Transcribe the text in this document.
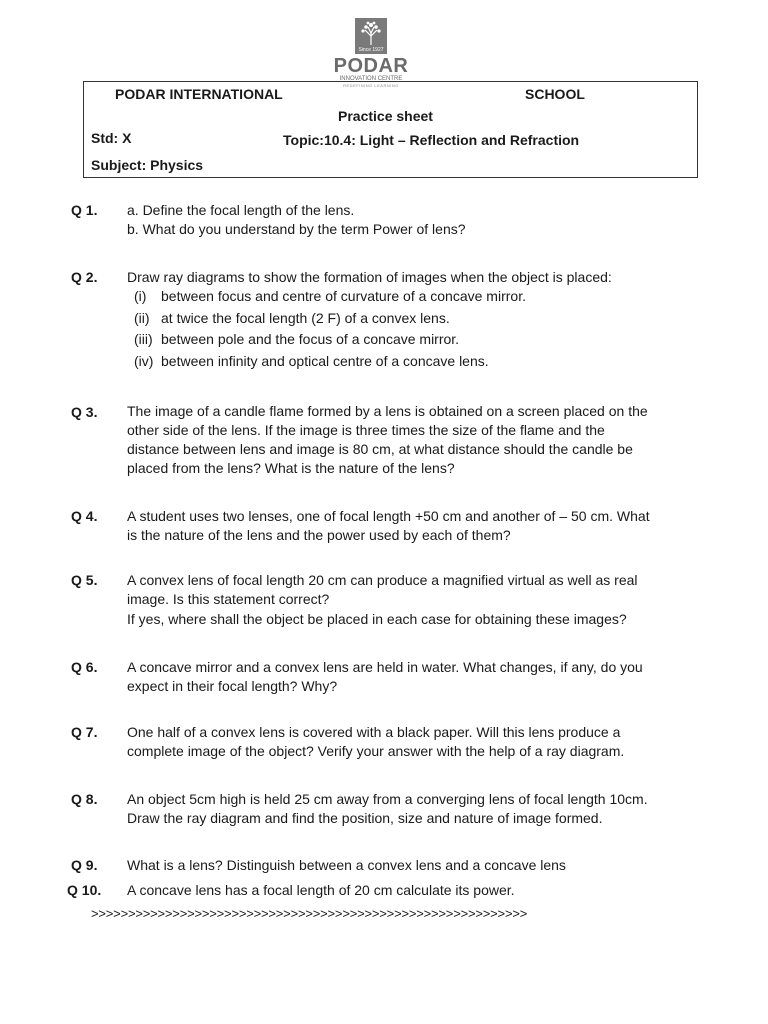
Since 1927
PODAR
INNOVATION CENTRE
REDEFINING LEARNING
PODAR INTERNATIONAL	SCHOOL
Practice sheet
Std: X	Topic:10.4: Light – Reflection and Refraction
Subject: Physics
Q 1. a. Define the focal length of the lens.
b. What do you understand by the term Power of lens?
Q 2. Draw ray diagrams to show the formation of images when the object is placed:
(i) between focus and centre of curvature of a concave mirror.
(ii) at twice the focal length (2 F) of a convex lens.
(iii) between pole and the focus of a concave mirror.
(iv) between infinity and optical centre of a concave lens.
Q 3. The image of a candle flame formed by a lens is obtained on a screen placed on the
other side of the lens. If the image is three times the size of the flame and the
distance between lens and image is 80 cm, at what distance should the candle be
placed from the lens? What is the nature of the lens?
Q 4. A student uses two lenses, one of focal length +50 cm and another of – 50 cm. What
is the nature of the lens and the power used by each of them?
Q 5. A convex lens of focal length 20 cm can produce a magnified virtual as well as real
image. Is this statement correct?
If yes, where shall the object be placed in each case for obtaining these images?
Q 6. A concave mirror and a convex lens are held in water. What changes, if any, do you
expect in their focal length? Why?
Q 7. One half of a convex lens is covered with a black paper. Will this lens produce a
complete image of the object? Verify your answer with the help of a ray diagram.
Q 8. An object 5cm high is held 25 cm away from a converging lens of focal length 10cm.
Draw the ray diagram and find the position, size and nature of image formed.
Q 9. What is a lens? Distinguish between a convex lens and a concave lens
Q 10. A concave lens has a focal length of 20 cm calculate its power.
>>>>>>>>>>>>>>>>>>>>>>>>>>>>>>>>>>>>>>>>>>>>>>>>>>>>>>>>>>>
